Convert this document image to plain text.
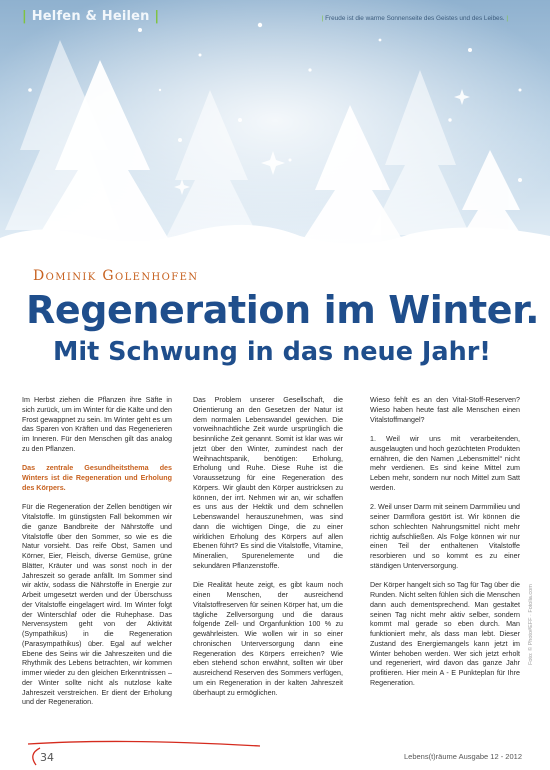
| Helfen & Heilen |	| Freude ist die warme Sonnenseite des Geistes und des Leibes. |
Dominik Golenhofen
Regeneration im Winter.
Mit Schwung in das neue Jahr!

Im Herbst ziehen die Pflanzen ihre Säfte in sich zurück, um im Winter für die Kälte und den Frost gewappnet zu sein. Im Winter geht es um das Sparen von Kräften und das Regenerieren im Inneren. Für den Menschen gilt das analog zu den Pflanzen.

Das zentrale Gesundheitsthema des Winters ist die Regeneration und Erholung des Körpers.

Für die Regeneration der Zellen benötigen wir Vitalstoffe. Im günstigsten Fall bekommen wir die ganze Bandbreite der Nährstoffe und Vitalstoffe über den Sommer, so wie es die Natur vorsieht. Das reife Obst, Samen und Körner, Eier, Fleisch, diverse Gemüse, grüne Blätter, Kräuter und was sonst noch in der Jahreszeit so gerade anfällt. Im Sommer sind wir aktiv, sodass die Nährstoffe in Energie zur Arbeit umgesetzt werden und der Überschuss der Vitalstoffe eingelagert wird. Im Winter folgt der Winterschlaf oder die Ruhephase. Das Nervensystem geht von der Aktivität (Sympathikus) in die Regeneration (Parasympathikus) über. Egal auf welcher Ebene des Seins wir die Jahreszeiten und die Rhythmik des Lebens betrachten, wir kommen immer wieder zu den gleichen Erkenntnissen – der Winter sollte nicht als nutzlose kalte Jahreszeit verstreichen. Er dient der Erholung und der Regeneration.

Das Problem unserer Gesellschaft, die Orientierung an den Gesetzen der Natur ist dem normalen Lebenswandel gewichen. Die vorweihnachtliche Zeit wurde ursprünglich die besinnliche Zeit genannt. Somit ist klar was wir jetzt über den Winter, zumindest nach der Weihnachtspanik, benötigen: Erholung, Erholung und Ruhe. Diese Ruhe ist die Voraussetzung für eine Regeneration des Körpers. Wir glaubt den Körper austricksen zu können, der irrt. Nehmen wir an, wir schaffen es uns aus der Hektik und dem schnellen Lebenswandel herauszunehmen, was sind dann die wichtigen Dinge, die zu einer wirklichen Erholung des Körpers auf allen Ebenen führt? Es sind die Vitalstoffe, Vitamine, Mineralien, Spurenelemente und die sekundären Pflanzenstoffe.

Die Realität heute zeigt, es gibt kaum noch einen Menschen, der ausreichend Vitalstoffreserven für seinen Körper hat, um die tägliche Zellversorgung und die daraus folgende Zell- und Organfunktion 100 % zu gewährleisten. Wie wollen wir in so einer chronischen Unterversorgung dann eine Regeneration des Körpers erreichen? Wie eben stehend schon erwähnt, sollten wir über ausreichend Reserven des Sommers verfügen, um ein Regeneration in der kalten Jahreszeit überhaupt zu ermöglichen.

Wieso fehlt es an den Vital-Stoff-Reserven? Wieso haben heute fast alle Menschen einen Vitalstoffmangel?

1. Weil wir uns mit verarbeitenden, ausgelaugten und hoch gezüchteten Produkten ernähren, die den Namen „Lebensmittel“ nicht mehr verdienen. Es sind keine Mittel zum Leben mehr, sondern nur noch Mittel zum Satt werden.

2. Weil unser Darm mit seinem Darmmilieu und seiner Darmflora gestört ist. Wir können die schon schlechten Nahrungsmittel nicht mehr richtig aufschließen. Als Folge können wir nur einen Teil der enthaltenen Vitalstoffe resorbieren und so kommt es zu einer ständigen Unterversorgung.

Der Körper hangelt sich so Tag für Tag über die Runden. Nicht selten fühlen sich die Menschen dann auch dementsprechend. Man gestaltet seinen Tag nicht mehr aktiv selber, sondern kommt mal gerade so eben durch. Man funktioniert mehr, als dass man lebt. Dieser Zustand des Energiemangels kann jetzt im Winter behoben werden. Wer sich jetzt erholt und regeneriert, wird davon das ganze Jahr profitieren. Hier mein A - E Punkteplan für Ihre Regeneration.

Foto: © Photo#EFF · Fotolia.com
34	Lebens(t)räume Ausgabe 12 - 2012
